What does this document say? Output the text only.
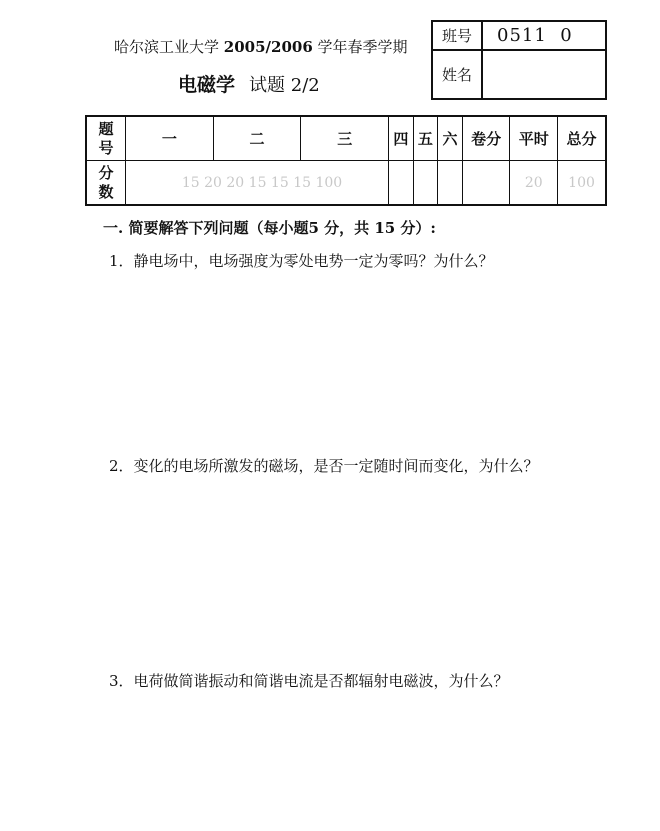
哈尔滨工业大学 2005/2006 学年春季学期
电磁学 试题 2/2
班号	0511  0
姓名	
题
号	一	二	三	四	五	六	卷分	平时	总分
分
数	15 20 20 15 15 15 100							20	100
一. 简要解答下列问题（每小题5 分，共 15 分）:
1．静电场中，电场强度为零处电势一定为零吗？为什么？
2．变化的电场所激发的磁场，是否一定随时间而变化，为什么？
3．电荷做简谐振动和简谐电流是否都辐射电磁波，为什么？
